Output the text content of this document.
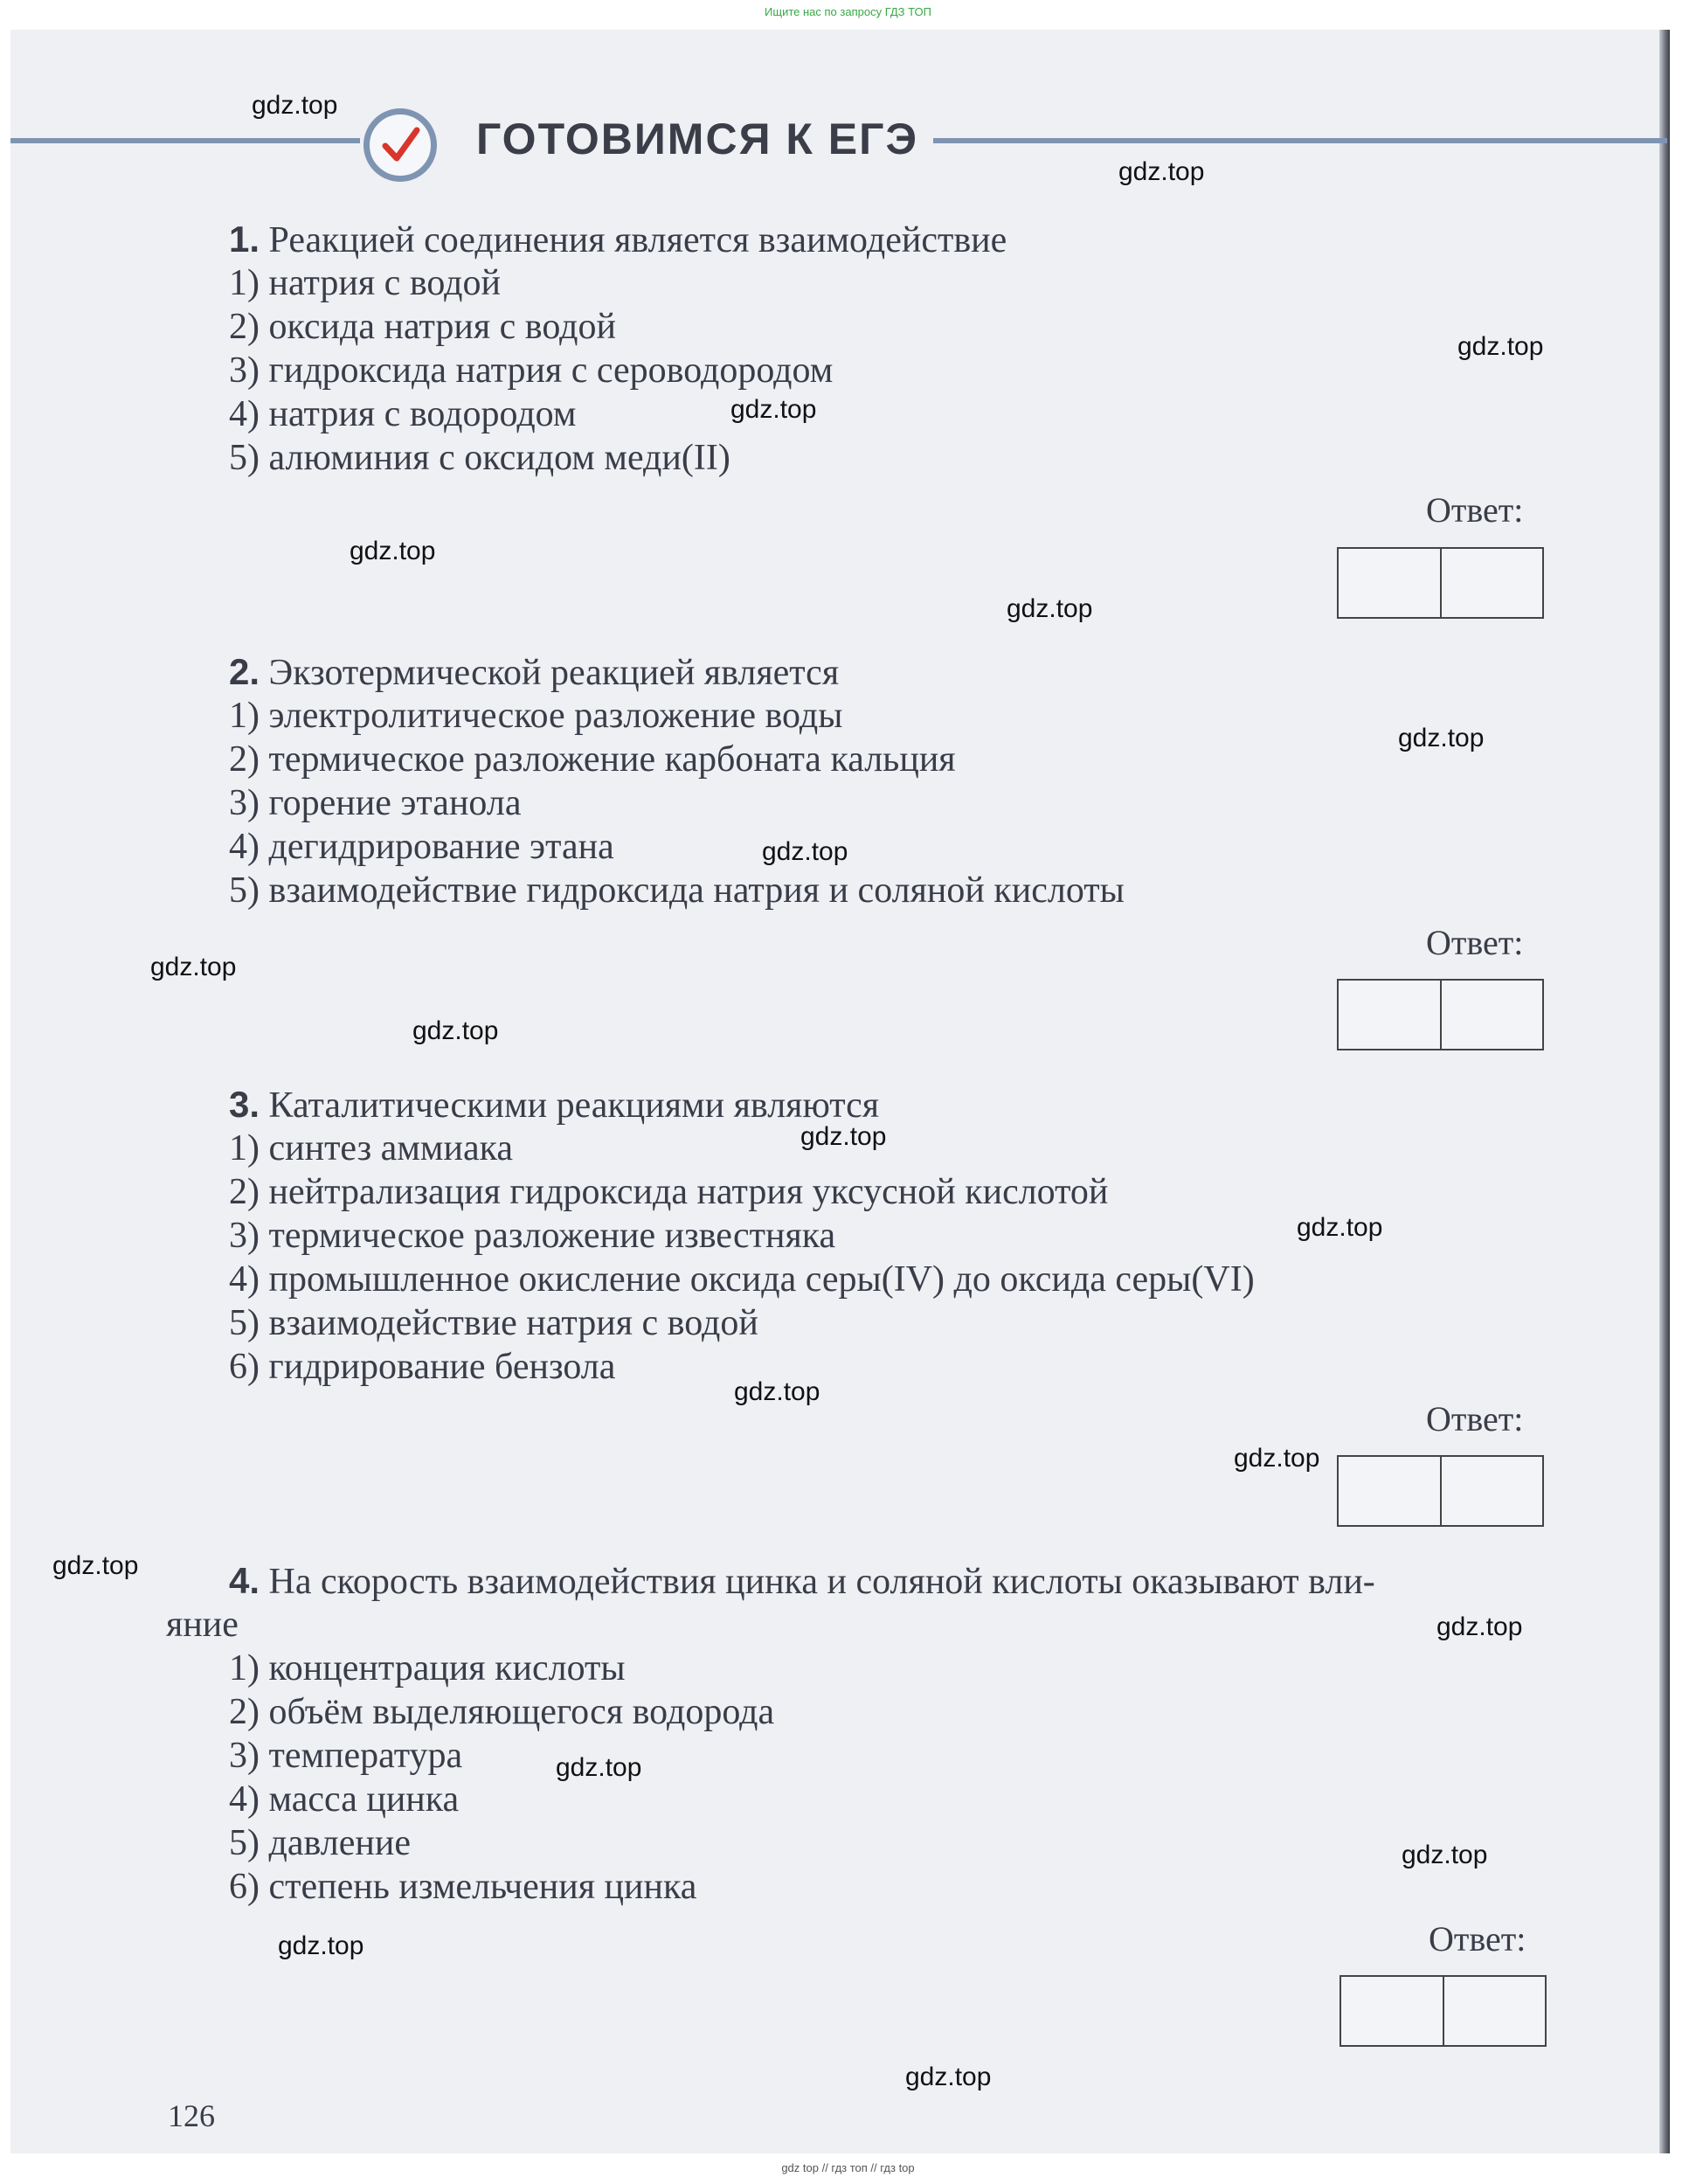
Ищите нас по запросу ГДЗ ТОП
ГОТОВИМСЯ К ЕГЭ
1. Реакцией соединения является взаимодействие
1) натрия с водой
2) оксида натрия с водой
3) гидроксида натрия с сероводородом
4) натрия с водородом
5) алюминия с оксидом меди(II)
Ответ:
2. Экзотермической реакцией является
1) электролитическое разложение воды
2) термическое разложение карбоната кальция
3) горение этанола
4) дегидрирование этана
5) взаимодействие гидроксида натрия и соляной кислоты
Ответ:
3. Каталитическими реакциями являются
1) синтез аммиака
2) нейтрализация гидроксида натрия уксусной кислотой
3) термическое разложение известняка
4) промышленное окисление оксида серы(IV) до оксида серы(VI)
5) взаимодействие натрия с водой
6) гидрирование бензола
Ответ:
4. На скорость взаимодействия цинка и соляной кислоты оказывают вли-
яние
1) концентрация кислоты
2) объём выделяющегося водорода
3) температура
4) масса цинка
5) давление
6) степень измельчения цинка
Ответ:
126
gdz.top
gdz.top
gdz.top
gdz.top
gdz.top
gdz.top
gdz.top
gdz.top
gdz.top
gdz.top
gdz.top
gdz.top
gdz.top
gdz.top
gdz.top
gdz.top
gdz.top
gdz.top
gdz.top
gdz.top
gdz top // гдз топ // гдз top
